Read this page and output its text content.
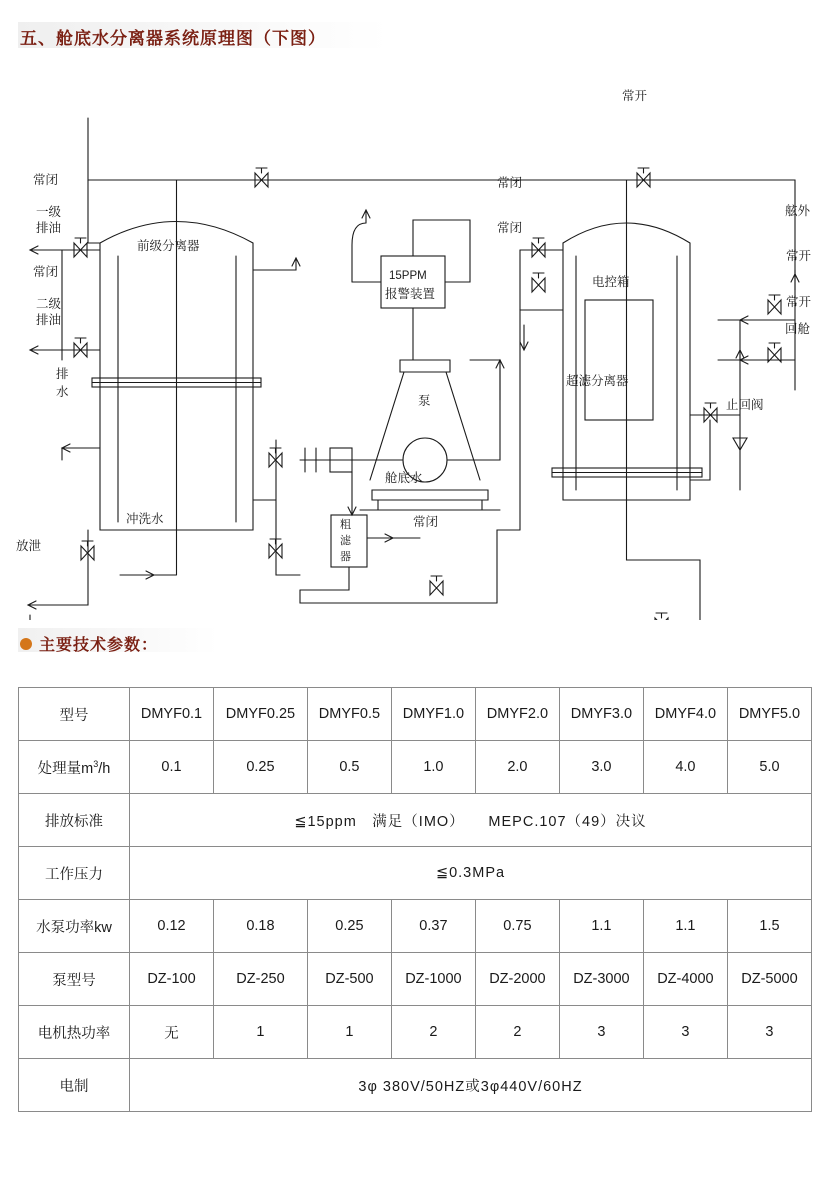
五、舱底水分离器系统原理图（下图）
常开
常闭
一级
排油
常闭
二级
排油
排
水
放泄
冲洗水
前级分离器
15PPM
报警装置
泵
粗
滤
器
舱底水
常闭
常闭
常闭
电控箱
超滤分离器
舷外
常开
常开
回舱
止回阀
主要技术参数：
型号	DMYF0.1	DMYF0.25	DMYF0.5	DMYF1.0	DMYF2.0	DMYF3.0	DMYF4.0	DMYF5.0
处理量$m^3/h$	0.1	0.25	0.5	1.0	2.0	3.0	4.0	5.0
排放标准	≦15ppm　满足（IMO）　　MEPC.107（49）决议							
工作压力	≦0.3MPa							
水泵功率kw	0.12	0.18	0.25	0.37	0.75	1.1	1.1	1.5
泵型号	DZ-100	DZ-250	DZ-500	DZ-1000	DZ-2000	DZ-3000	DZ-4000	DZ-5000
电机热功率	无	1	1	2	2	3	3	3
电制	3φ 380V/50HZ或3φ440V/60HZ							
